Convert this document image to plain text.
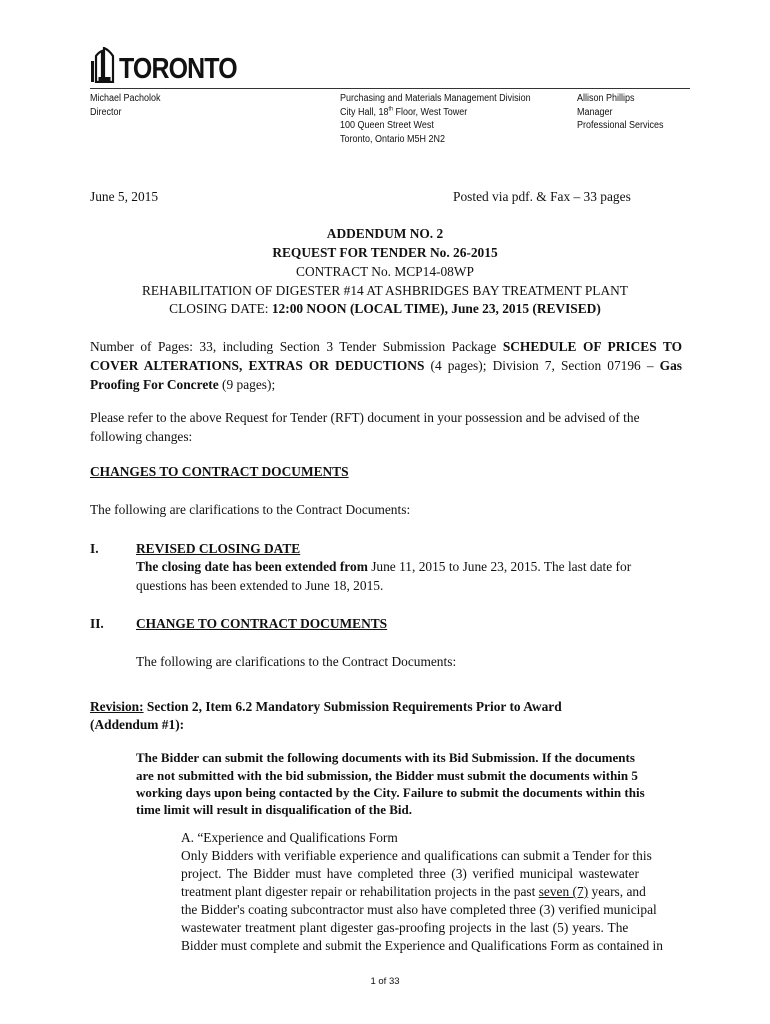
TORONTO
Michael Pacholok
Director
Purchasing and Materials Management Division
City Hall, 18th Floor, West Tower
100 Queen Street West
Toronto, Ontario M5H 2N2
Allison Phillips
Manager
Professional Services
June 5, 2015	Posted via pdf. & Fax – 33 pages
ADDENDUM NO. 2
REQUEST FOR TENDER No. 26-2015
CONTRACT No. MCP14-08WP
REHABILITATION OF DIGESTER #14 AT ASHBRIDGES BAY TREATMENT PLANT
CLOSING DATE: 12:00 NOON (LOCAL TIME), June 23, 2015 (REVISED)
Number of Pages: 33, including Section 3 Tender Submission Package SCHEDULE OF PRICES TO COVER ALTERATIONS, EXTRAS OR DEDUCTIONS (4 pages); Division 7, Section 07196 – Gas Proofing For Concrete (9 pages);
Please refer to the above Request for Tender (RFT) document in your possession and be advised of the following changes:
CHANGES TO CONTRACT DOCUMENTS
The following are clarifications to the Contract Documents:
I.	REVISED CLOSING DATE
The closing date has been extended from June 11, 2015 to June 23, 2015. The last date for
questions has been extended to June 18, 2015.
II. CHANGE TO CONTRACT DOCUMENTS
The following are clarifications to the Contract Documents:
Revision: Section 2, Item 6.2 Mandatory Submission Requirements Prior to Award
(Addendum #1):
The Bidder can submit the following documents with its Bid Submission. If the documents
are not submitted with the bid submission, the Bidder must submit the documents within 5
working days upon being contacted by the City. Failure to submit the documents within this
time limit will result in disqualification of the Bid.
A. “Experience and Qualifications Form
Only Bidders with verifiable experience and qualifications can submit a Tender for this
project. The Bidder must have completed three (3) verified municipal wastewater
treatment plant digester repair or rehabilitation projects in the past seven (7) years, and
the Bidder's coating subcontractor must also have completed three (3) verified municipal
wastewater treatment plant digester gas-proofing projects in the last (5) years. The
Bidder must complete and submit the Experience and Qualifications Form as contained in
1 of 33
